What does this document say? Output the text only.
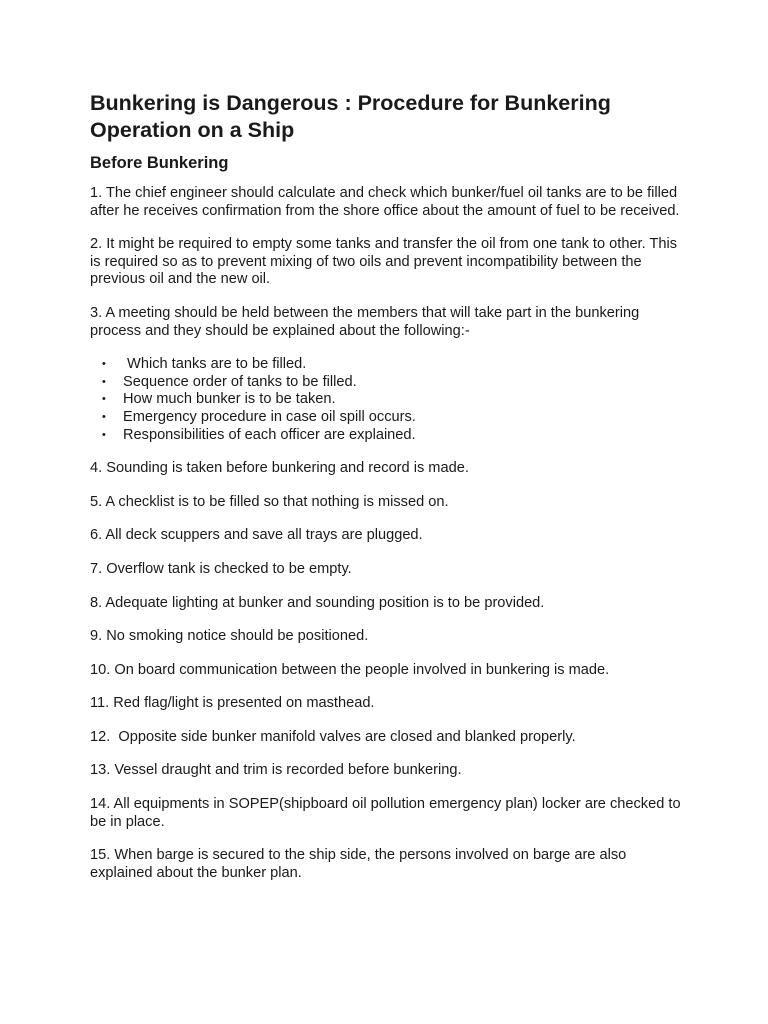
Bunkering is Dangerous : Procedure for Bunkering Operation on a Ship
Before Bunkering

1. The chief engineer should calculate and check which bunker/fuel oil tanks are to be filled after he receives confirmation from the shore office about the amount of fuel to be received.

2. It might be required to empty some tanks and transfer the oil from one tank to other. This is required so as to prevent mixing of two oils and prevent incompatibility between the previous oil and the new oil.

3. A meeting should be held between the members that will take part in the bunkering process and they should be explained about the following:-

• Which tanks are to be filled.
• Sequence order of tanks to be filled.
• How much bunker is to be taken.
• Emergency procedure in case oil spill occurs.
• Responsibilities of each officer are explained.

4. Sounding is taken before bunkering and record is made.

5. A checklist is to be filled so that nothing is missed on.

6. All deck scuppers and save all trays are plugged.

7. Overflow tank is checked to be empty.

8. Adequate lighting at bunker and sounding position is to be provided.

9. No smoking notice should be positioned.

10. On board communication between the people involved in bunkering is made.

11. Red flag/light is presented on masthead.

12.  Opposite side bunker manifold valves are closed and blanked properly.

13. Vessel draught and trim is recorded before bunkering.

14. All equipments in SOPEP(shipboard oil pollution emergency plan) locker are checked to be in place.

15. When barge is secured to the ship side, the persons involved on barge are also explained about the bunker plan.
